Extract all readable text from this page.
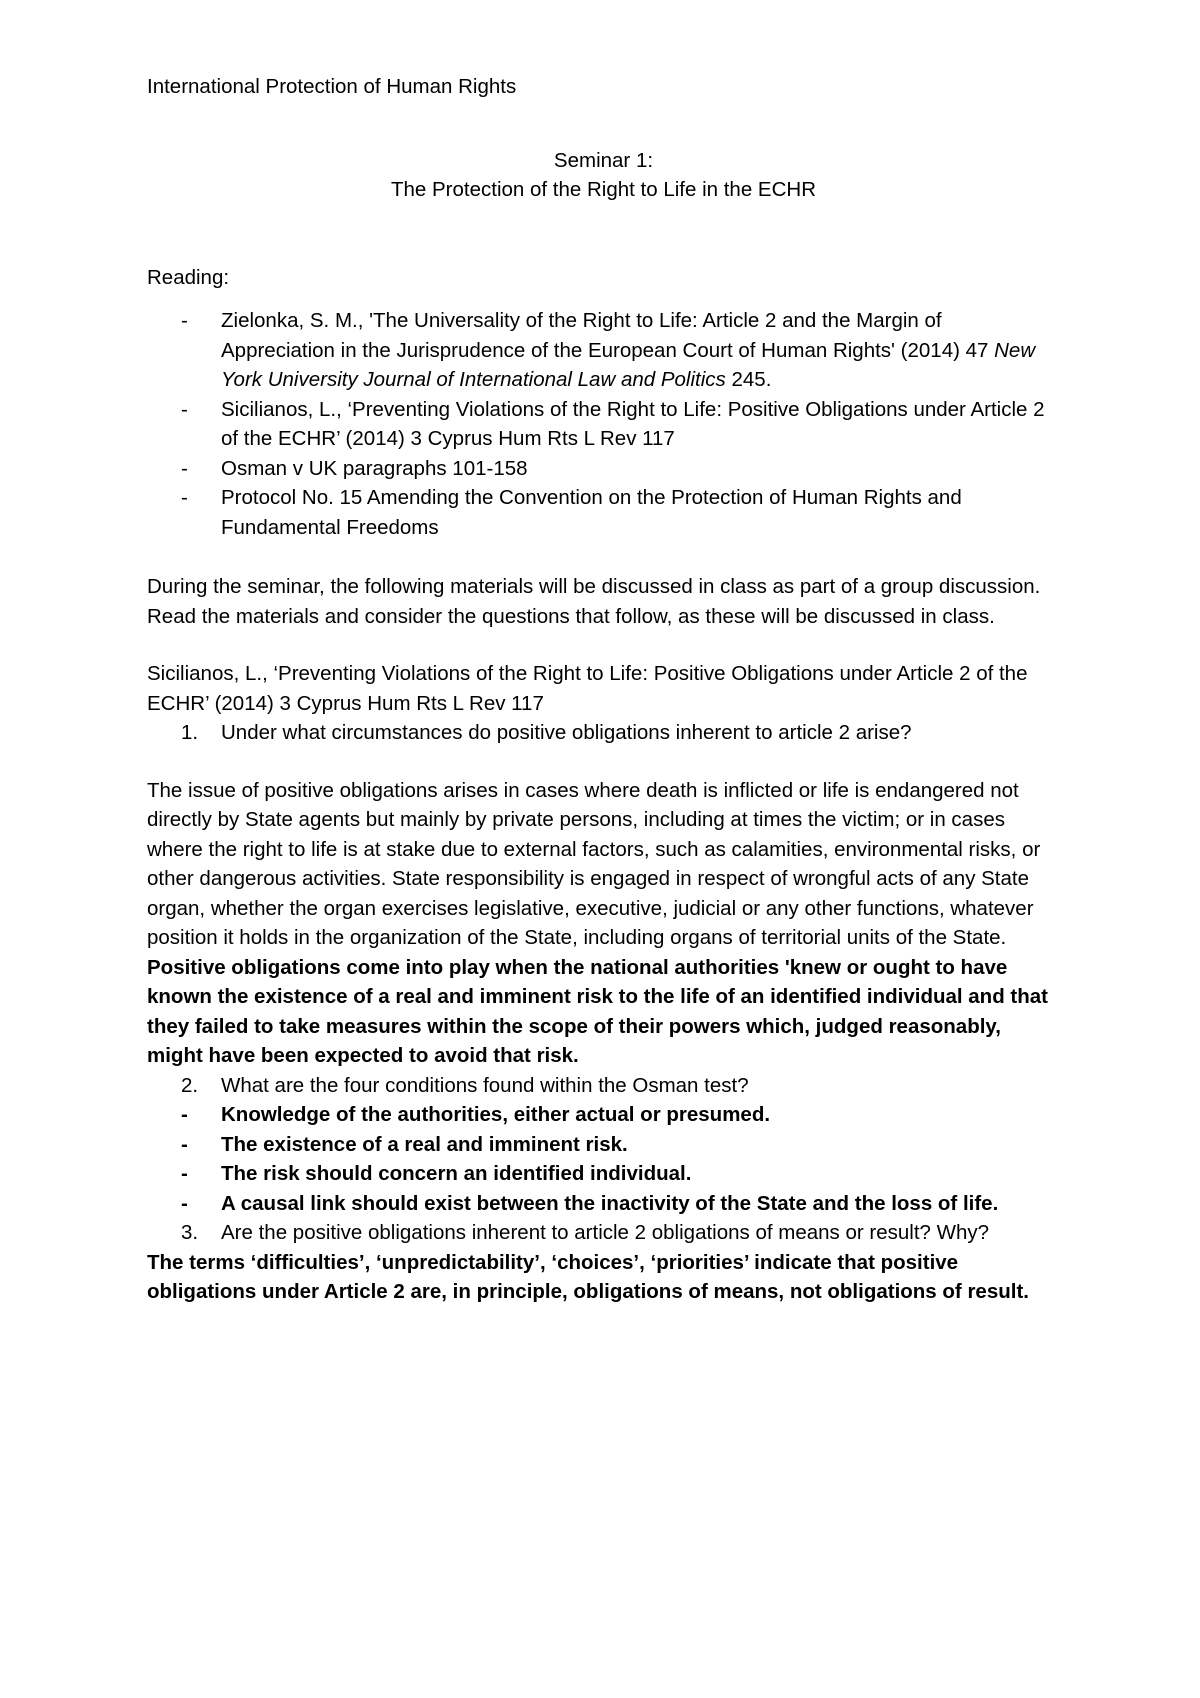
International Protection of Human Rights
Seminar 1:
The Protection of the Right to Life in the ECHR
Reading:
- Zielonka, S. M., 'The Universality of the Right to Life: Article 2 and the Margin of Appreciation in the Jurisprudence of the European Court of Human Rights' (2014) 47 New York University Journal of International Law and Politics 245.
- Sicilianos, L., ‘Preventing Violations of the Right to Life: Positive Obligations under Article 2 of the ECHR’ (2014) 3 Cyprus Hum Rts L Rev 117
- Osman v UK paragraphs 101-158
- Protocol No. 15 Amending the Convention on the Protection of Human Rights and Fundamental Freedoms
During the seminar, the following materials will be discussed in class as part of a group discussion. Read the materials and consider the questions that follow, as these will be discussed in class.
Sicilianos, L., ‘Preventing Violations of the Right to Life: Positive Obligations under Article 2 of the ECHR’ (2014) 3 Cyprus Hum Rts L Rev 117
1. Under what circumstances do positive obligations inherent to article 2 arise?
The issue of positive obligations arises in cases where death is inflicted or life is endangered not directly by State agents but mainly by private persons, including at times the victim; or in cases where the right to life is at stake due to external factors, such as calamities, environmental risks, or other dangerous activities. State responsibility is engaged in respect of wrongful acts of any State organ, whether the organ exercises legislative, executive, judicial or any other functions, whatever position it holds in the organization of the State, including organs of territorial units of the State. Positive obligations come into play when the national authorities 'knew or ought to have known the existence of a real and imminent risk to the life of an identified individual and that they failed to take measures within the scope of their powers which, judged reasonably, might have been expected to avoid that risk.
2. What are the four conditions found within the Osman test?
- Knowledge of the authorities, either actual or presumed.
- The existence of a real and imminent risk.
- The risk should concern an identified individual.
- A causal link should exist between the inactivity of the State and the loss of life.
3. Are the positive obligations inherent to article 2 obligations of means or result? Why?
The terms ‘difficulties’, ‘unpredictability’, ‘choices’, ‘priorities’ indicate that positive obligations under Article 2 are, in principle, obligations of means, not obligations of result.
